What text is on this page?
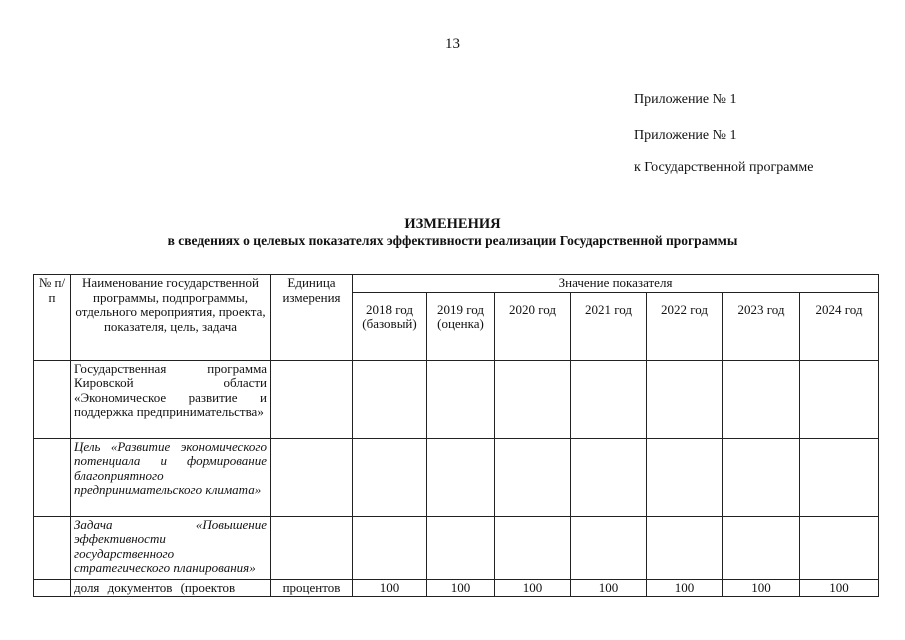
13
Приложение № 1
Приложение № 1
к Государственной программе
ИЗМЕНЕНИЯ
в сведениях о целевых показателях эффективности реализации Государственной программы
№ п/п	Наименование государственной программы, подпрограммы, отдельного мероприятия, проекта, показателя, цель, задача	Единица измерения	Значение показателя						
			2018 год (базовый)	2019 год (оценка)	2020 год	2021 год	2022 год	2023 год	2024 год
	Государственная программа Кировской области «Экономическое развитие и поддержка предпринимательства»								
	Цель «Развитие экономического потенциала и формирование благоприятного предпринимательского климата»								
	Задача «Повышение эффективности государственного стратегического планирования»								
	доля документов (проектов	процентов	100	100	100	100	100	100	100
